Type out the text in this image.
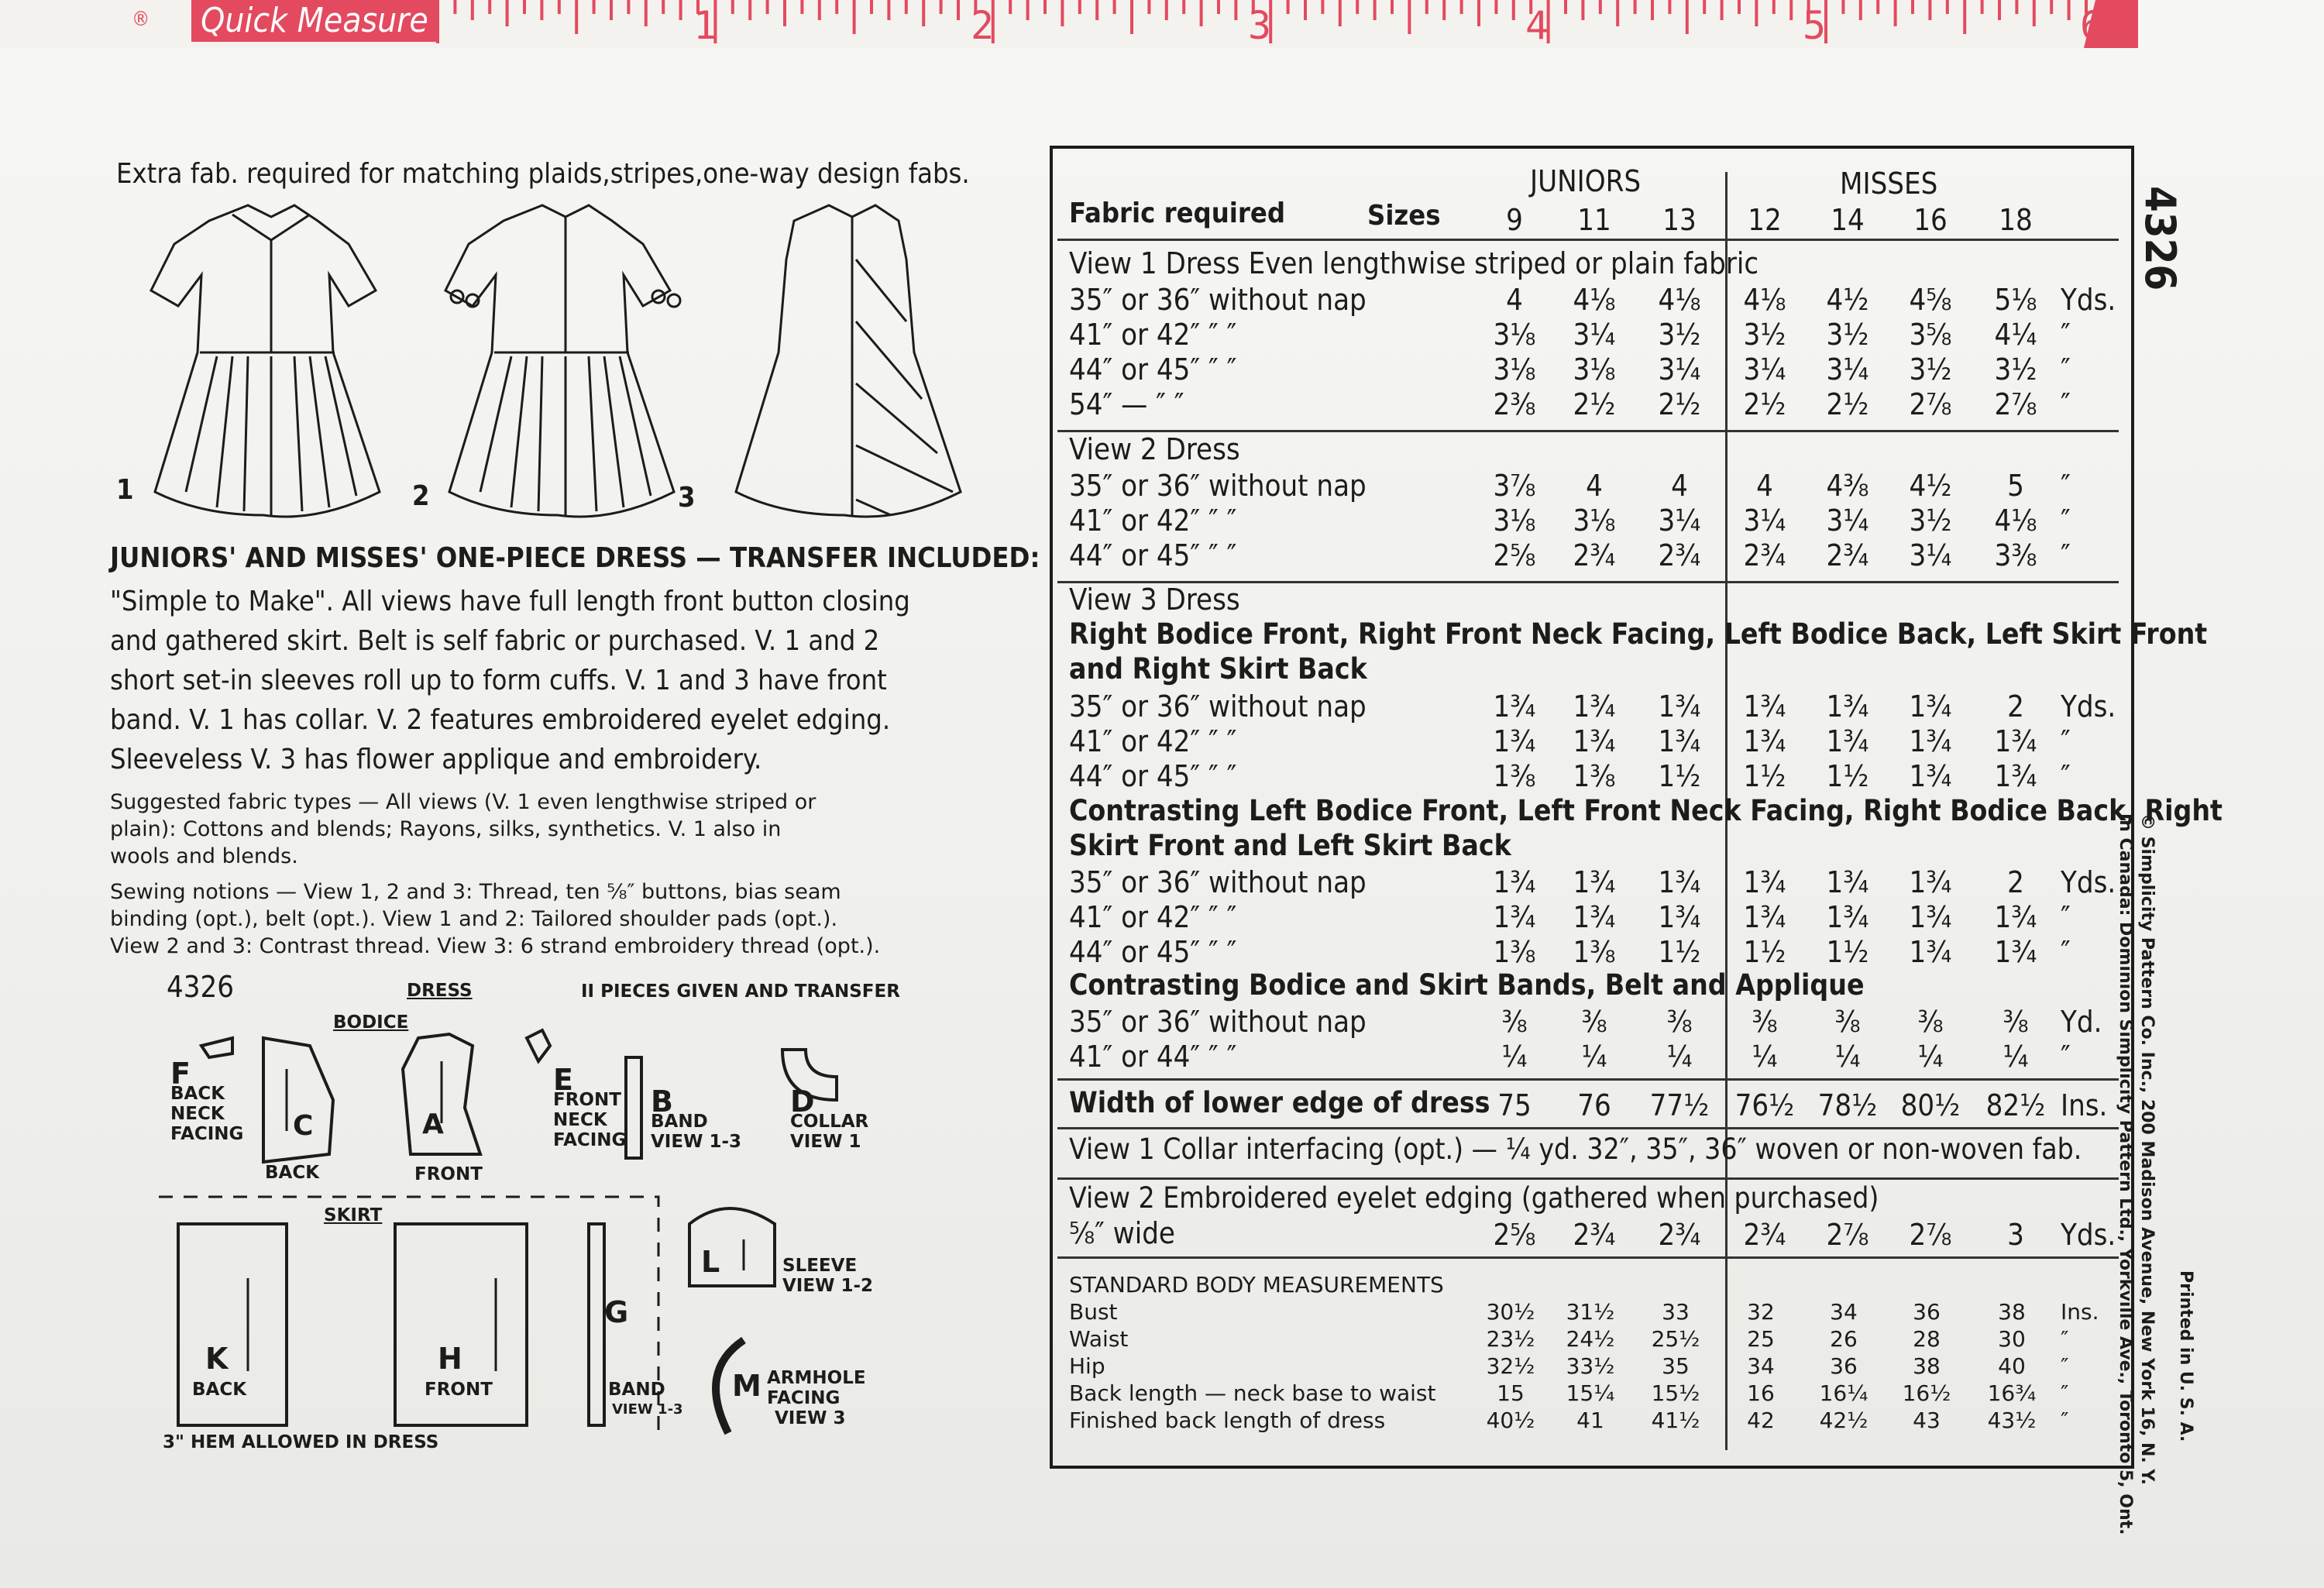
® Quick Measure	1	2	3	4	5	6
Extra fab. required for matching plaids,stripes,one-way design fabs.
1	2	3
JUNIORS' AND MISSES' ONE-PIECE DRESS — TRANSFER INCLUDED:
"Simple to Make". All views have full length front button closing
and gathered skirt. Belt is self fabric or purchased. V. 1 and 2
short set-in sleeves roll up to form cuffs. V. 1 and 3 have front
band. V. 1 has collar. V. 2 features embroidered eyelet edging.
Sleeveless V. 3 has flower applique and embroidery.
Suggested fabric types — All views (V. 1 even lengthwise striped or
plain): Cottons and blends; Rayons, silks, synthetics. V. 1 also in
wools and blends.
Sewing notions — View 1, 2 and 3: Thread, ten ⅝″ buttons, bias seam
binding (opt.), belt (opt.). View 1 and 2: Tailored shoulder pads (opt.).
View 2 and 3: Contrast thread. View 3: 6 strand embroidery thread (opt.).
4326	DRESS	II PIECES GIVEN AND TRANSFER
BODICE
SKIRT
F
BACK
NECK
FACING C
BACK
A
FRONT
E
FRONT
NECK
FACING
B
BAND
VIEW 1-3
D
COLLAR
VIEW 1
K
BACK
H
FRONT
G
BAND
VIEW 1-3
L	SLEEVE
VIEW 1-2
M ARMHOLE
FACING
VIEW 3
3" HEM ALLOWED IN DRESS
JUNIORS	MISSES
Fabric required	Sizes	9	11	13	12	14	16	18
View 1 Dress Even lengthwise striped or plain fabric
35″ or 36″ without nap	4	4⅛	4⅛	4⅛	4½	4⅝	5⅛ Yds.
41″ or 42″ ″ ″	3⅛	3¼	3½	3½	3½	3⅝	4¼ ″
44″ or 45″ ″ ″	3⅛	3⅛	3¼	3¼	3¼	3½	3½ ″
54″ — ″ ″	2⅜	2½	2½	2½	2½	2⅞	2⅞ ″
View 2 Dress
35″ or 36″ without nap	3⅞	4	4	4	4⅜	4½	5	″
41″ or 42″ ″ ″	3⅛	3⅛	3¼	3¼	3¼	3½	4⅛ ″
44″ or 45″ ″ ″	2⅝	2¾	2¾	2¾	2¾	3¼	3⅜ ″
View 3 Dress
Right Bodice Front, Right Front Neck Facing, Left Bodice Back, Left Skirt Front
and Right Skirt Back
35″ or 36″ without nap	1¾	1¾	1¾	1¾	1¾	1¾	2	Yds.
41″ or 42″ ″ ″	1¾	1¾	1¾	1¾	1¾	1¾	1¾ ″
44″ or 45″ ″ ″	1⅜	1⅜	1½	1½	1½	1¾	1¾ ″
Contrasting Left Bodice Front, Left Front Neck Facing, Right Bodice Back, Right
Skirt Front and Left Skirt Back
35″ or 36″ without nap	1¾	1¾	1¾	1¾	1¾	1¾	2	Yds.
41″ or 42″ ″ ″	1¾	1¾	1¾	1¾	1¾	1¾	1¾ ″
44″ or 45″ ″ ″	1⅜	1⅜	1½	1½	1½	1¾	1¾ ″
Contrasting Bodice and Skirt Bands, Belt and Applique
35″ or 36″ without nap	⅜	⅜	⅜	⅜	⅜	⅜	⅜	Yd.
41″ or 44″ ″ ″	¼	¼	¼	¼	¼	¼	¼	″
Width of lower edge of dress 75	76	77½ 76½ 78½ 80½ 82½ Ins.
View 1 Collar interfacing (opt.) — ¼ yd. 32″, 35″, 36″ woven or non-woven fab.
View 2 Embroidered eyelet edging (gathered when purchased)
⅝″ wide	2⅝	2¾	2¾	2¾	2⅞	2⅞	3	Yds.
STANDARD BODY MEASUREMENTS
Bust	30½	31½	33	32	34	36	38	Ins.
Waist	23½	24½	25½	25	26	28	30	″
Hip	32½	33½	35	34	36	38	40	″
Back length — neck base to waist	15	15¼	15½	16	16¼	16½	16¾	″
Finished back length of dress	40½	41	41½	42	42½	43	43½	″
4326
© Simplicity Pattern Co. Inc., 200 Madison Avenue, New York 16, N. Y.
In Canada: Dominion Simplicity Pattern Ltd., Yorkville Ave., Toronto 5, Ont. Printed in U. S. A.
